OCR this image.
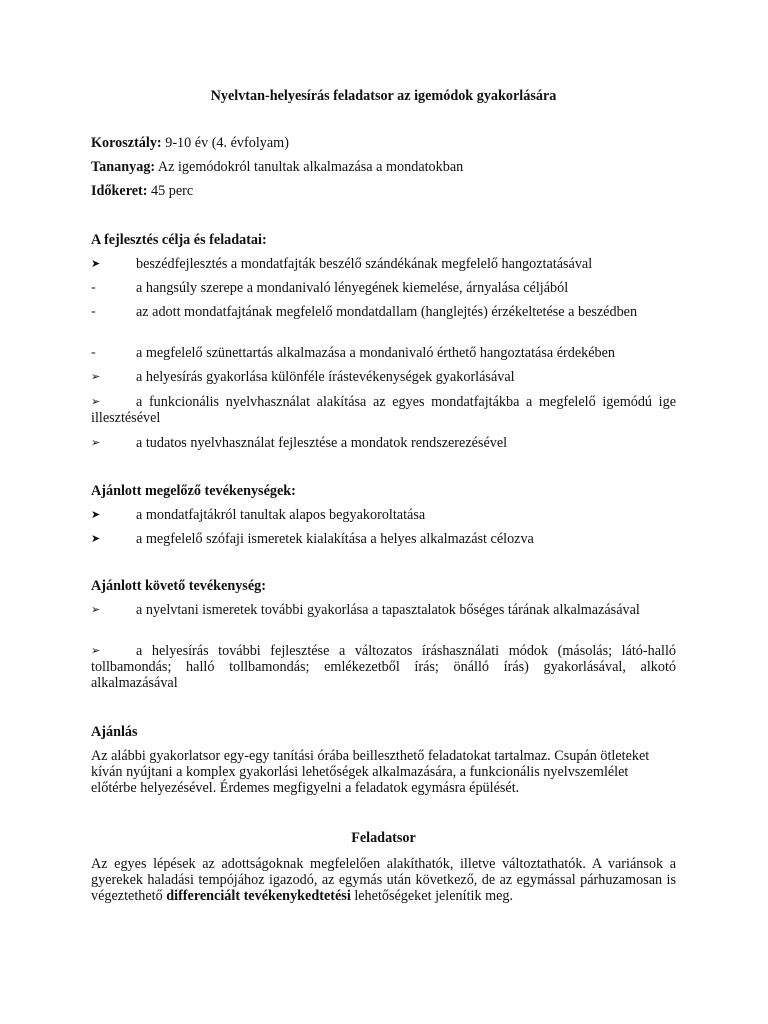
Nyelvtan-helyesírás feladatsor az igemódok gyakorlására
Korosztály: 9-10 év (4. évfolyam)
Tananyag: Az igemódokról tanultak alkalmazása a mondatokban
Időkeret: 45 perc
A fejlesztés célja és feladatai:
➤	beszédfejlesztés a mondatfajták beszélő szándékának megfelelő hangoztatásával
-	a hangsúly szerepe a mondanivaló lényegének kiemelése, árnyalása céljából
-	az adott mondatfajtának megfelelő mondatdallam (hanglejtés) érzékeltetése a beszédben
-	a megfelelő szünettartás alkalmazása a mondanivaló érthető hangoztatása érdekében
➢	a helyesírás gyakorlása különféle írástevékenységek gyakorlásával
➢	a funkcionális nyelvhasználat alakítása az egyes mondatfajtákba a megfelelő igemódú ige illesztésével
➢	a tudatos nyelvhasználat fejlesztése a mondatok rendszerezésével
Ajánlott megelőző tevékenységek:
➤	a mondatfajtákról tanultak alapos begyakoroltatása
➤	a megfelelő szófaji ismeretek kialakítása a helyes alkalmazást célozva
Ajánlott követő tevékenység:
➢	a nyelvtani ismeretek további gyakorlása a tapasztalatok bőséges tárának alkalmazásával
➢	a helyesírás további fejlesztése a változatos íráshasználati módok (másolás; látó-halló tollbamondás; halló tollbamondás; emlékezetből írás; önálló írás) gyakorlásával, alkotó alkalmazásával
Ajánlás
Az alábbi gyakorlatsor egy-egy tanítási órába beilleszthető feladatokat tartalmaz. Csupán ötleteket kíván nyújtani a komplex gyakorlási lehetőségek alkalmazására, a funkcionális nyelvszemlélet előtérbe helyezésével. Érdemes megfigyelni a feladatok egymásra épülését.
Feladatsor
Az egyes lépések az adottságoknak megfelelően alakíthatók, illetve változtathatók. A variánsok a gyerekek haladási tempójához igazodó, az egymás után következő, de az egymással párhuzamosan is végeztethető differenciált tevékenykedtetési lehetőségeket jelenítik meg.
